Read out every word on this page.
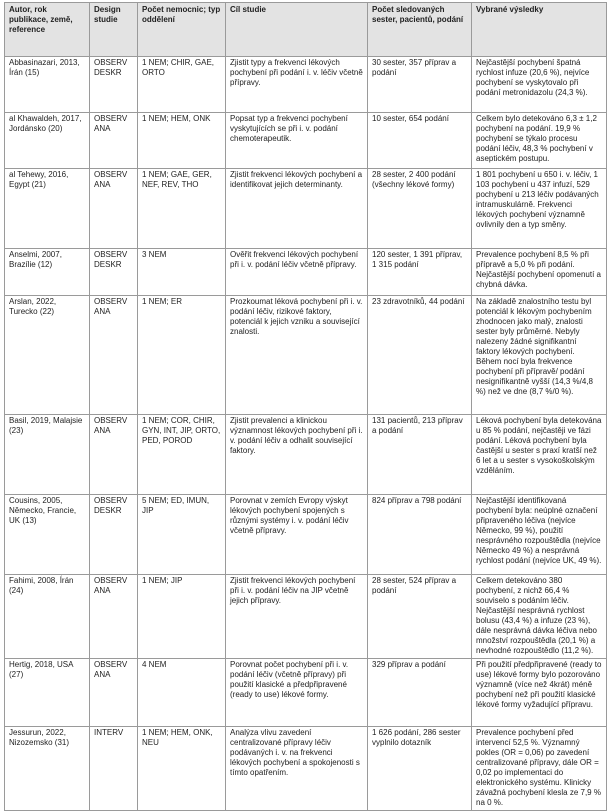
Autor, rok publikace, země, reference	Design studie	Počet nemocnic; typ oddělení	Cíl studie	Počet sledovaných sester, pacientů, podání	Vybrané výsledky
Abbasinazari, 2013, Írán (15)	OBSERV DESKR	1 NEM; CHIR, GAE, ORTO	Zjistit typy a frekvenci lékových pochybení při podání i. v. léčiv včetně přípravy.	30 sester, 357 příprav a podání	Nejčastější pochybení špatná rychlost infuze (20,6 %), nejvíce pochybení se vyskytovalo při podání metronidazolu (24,3 %).
al Khawaldeh, 2017, Jordánsko (20)	OBSERV ANA	1 NEM; HEM, ONK	Popsat typ a frekvenci pochybení vyskytujících se při i. v. podání chemoterapeutik.	10 sester, 654 podání	Celkem bylo detekováno 6,3 ± 1,2 pochybení na podání. 19,9 % pochybení se týkalo procesu podání léčiv, 48,3 % pochybení v aseptickém postupu.
al Tehewy, 2016, Egypt (21)	OBSERV ANA	1 NEM; GAE, GER, NEF, REV, THO	Zjistit frekvenci lékových pochybení a identifikovat jejich determinanty.	28 sester, 2 400 podání (všechny lékové formy)	1 801 pochybení u 650 i. v. léčiv, 1 103 pochybení u 437 infuzí, 529 pochybení u 213 léčiv podávaných intramuskulárně. Frekvenci lékových pochybení významně ovlivnily den a typ směny.
Anselmi, 2007, Brazílie (12)	OBSERV DESKR	3 NEM	Ověřit frekvenci lékových pochybení při i. v. podání léčiv včetně přípravy.	120 sester, 1 391 příprav, 1 315 podání	Prevalence pochybení 8,5 % při přípravě a 5,0 % při podání. Nejčastější pochybení opomenutí a chybná dávka.
Arslan, 2022, Turecko (22)	OBSERV ANA	1 NEM; ER	Prozkoumat léková pochybení při i. v. podání léčiv, rizikové faktory, potenciál k jejich vzniku a související znalosti.	23 zdravotníků, 44 podání	Na základě znalostního testu byl potenciál k lékovým pochybením zhodnocen jako malý, znalosti sester byly průměrné. Nebyly nalezeny žádné signifikantní faktory lékových pochybení. Během nocí byla frekvence pochybení při přípravě/ podání nesignifikantně vyšší (14,3 %/4,8 %) než ve dne (8,7 %/0 %).
Basil, 2019, Malajsie (23)	OBSERV ANA	1 NEM; COR, CHIR, GYN, INT, JIP, ORTO, PED, POROD	Zjistit prevalenci a klinickou významnost lékových pochybení při i. v. podání léčiv a odhalit související faktory.	131 pacientů, 213 příprav a podání	Léková pochybení byla detekována u 85 % podání, nejčastěji ve fázi podání. Léková pochybení byla častější u sester s praxí kratší než 6 let a u sester s vysokoškolským vzděláním.
Cousins, 2005, Německo, Francie, UK (13)	OBSERV DESKR	5 NEM; ED, IMUN, JIP	Porovnat v zemích Evropy výskyt lékových pochybení spojených s různými systémy i. v. podání léčiv včetně přípravy.	824 příprav a 798 podání	Nejčastější identifikovaná pochybení byla: neúplné označení připraveného léčiva (nejvíce Německo, 99 %), použití nesprávného rozpouštědla (nejvíce Německo 49 %) a nesprávná rychlost podání (nejvíce UK, 49 %).
Fahimi, 2008, Írán (24)	OBSERV ANA	1 NEM; JIP	Zjistit frekvenci lékových pochybení při i. v. podání léčiv na JIP včetně jejich přípravy.	28 sester, 524 příprav a podání	Celkem detekováno 380 pochybení, z nichž 66,4 % souviselo s podáním léčiv. Nejčastější nesprávná rychlost bolusu (43,4 %) a infuze (23 %), dále nesprávná dávka léčiva nebo množství rozpouštědla (20,1 %) a nevhodné rozpouštědlo (11,2 %).
Hertig, 2018, USA (27)	OBSERV ANA	4 NEM	Porovnat počet pochybení při i. v. podání léčiv (včetně přípravy) při použití klasické a předpřipravené (ready to use) lékové formy.	329 příprav a podání	Při použití předpřipravené (ready to use) lékové formy bylo pozorováno významně (více než 4krát) méně pochybení než při použití klasické lékové formy vyžadující přípravu.
Jessurun, 2022, Nizozemsko (31)	INTERV	1 NEM; HEM, ONK, NEU	Analýza vlivu zavedení centralizované přípravy léčiv podávaných i. v. na frekvenci lékových pochybení a spokojenosti s tímto opatřením.	1 626 podání, 286 sester vyplnilo dotazník	Prevalence pochybení před intervencí 52,5 %. Významný pokles (OR = 0,06) po zavedení centralizované přípravy, dále OR = 0,02 po implementaci do elektronického systému. Klinicky závažná pochybení klesla ze 7,9 % na 0 %.
